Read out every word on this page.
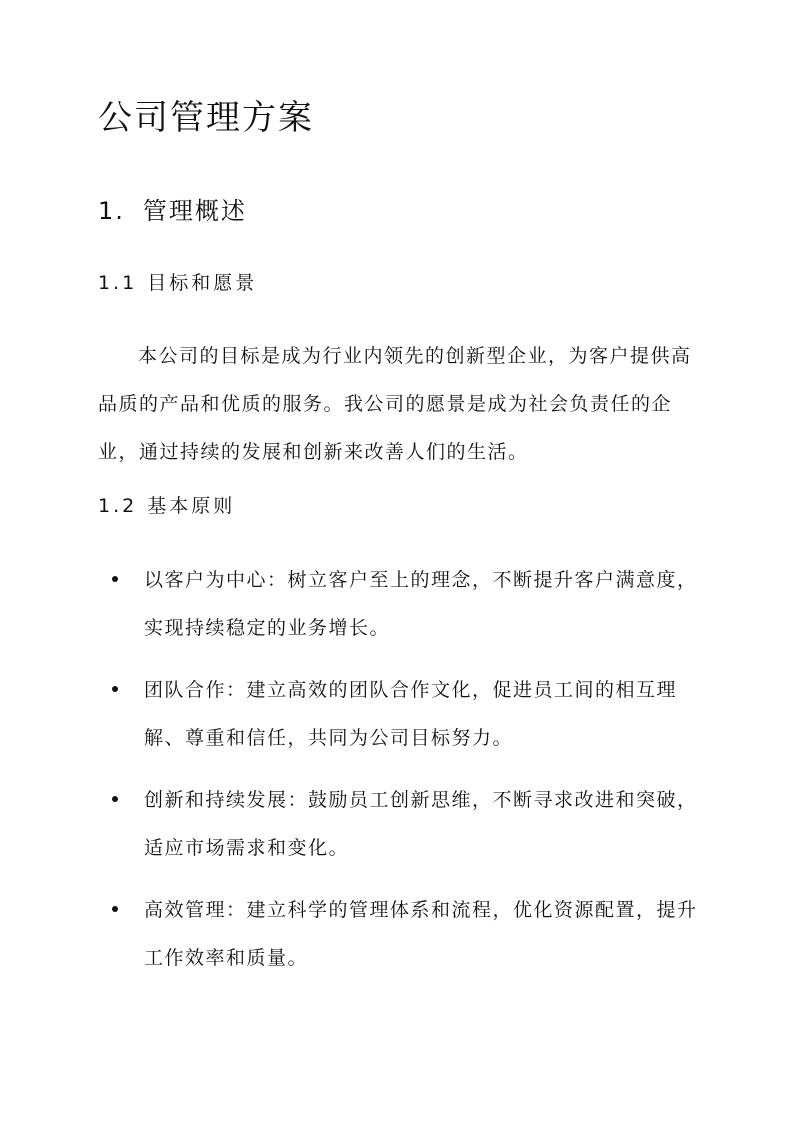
公司管理方案
1. 管理概述
1.1 目标和愿景

本公司的目标是成为行业内领先的创新型企业，为客户提供高品质的产品和优质的服务。我公司的愿景是成为社会负责任的企业，通过持续的发展和创新来改善人们的生活。

1.2 基本原则
以客户为中心：树立客户至上的理念，不断提升客户满意度，实现持续稳定的业务增长。
团队合作：建立高效的团队合作文化，促进员工间的相互理解、尊重和信任，共同为公司目标努力。
创新和持续发展：鼓励员工创新思维，不断寻求改进和突破，适应市场需求和变化。
高效管理：建立科学的管理体系和流程，优化资源配置，提升工作效率和质量。
